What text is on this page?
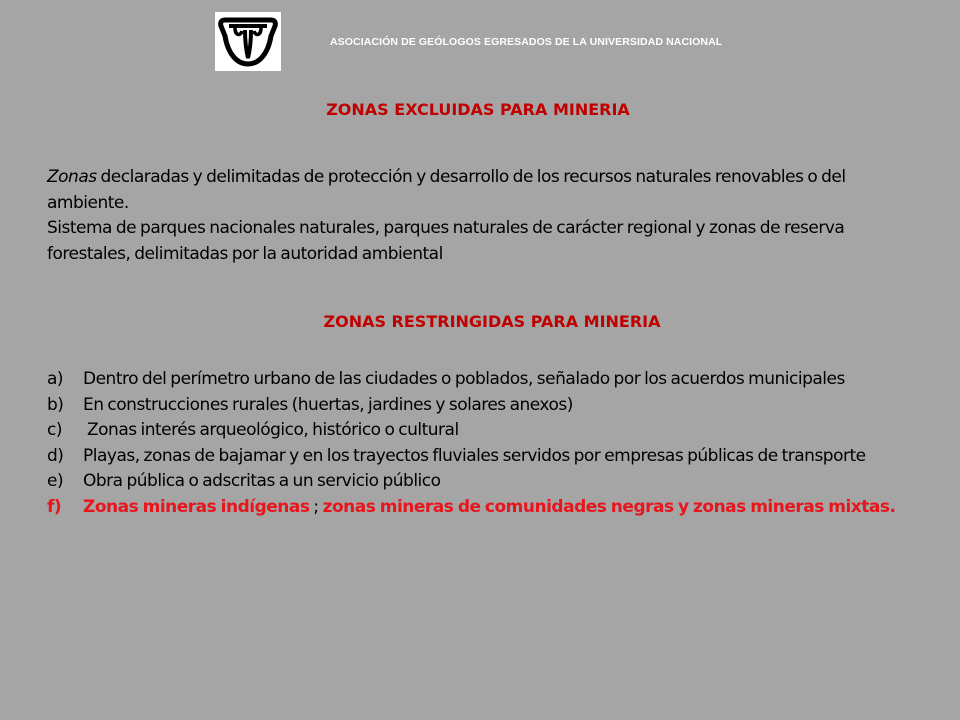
ASOCIACIÓN DE GEÓLOGOS EGRESADOS DE LA UNIVERSIDAD NACIONAL
ZONAS EXCLUIDAS PARA MINERIA

Zonas declaradas y delimitadas de protección y desarrollo de los recursos naturales renovables o del ambiente.

Sistema de parques nacionales naturales, parques naturales de carácter regional y zonas de reserva forestales, delimitadas por la autoridad ambiental

ZONAS RESTRINGIDAS PARA MINERIA
a) Dentro del perímetro urbano de las ciudades o poblados, señalado por los acuerdos municipales
b) En construcciones rurales (huertas, jardines y solares anexos)
c) Zonas interés arqueológico, histórico o cultural
d) Playas, zonas de bajamar y en los trayectos fluviales servidos por empresas públicas de transporte
e) Obra pública o adscritas a un servicio público
f) Zonas mineras indígenas ; zonas mineras de comunidades negras y zonas mineras mixtas.
